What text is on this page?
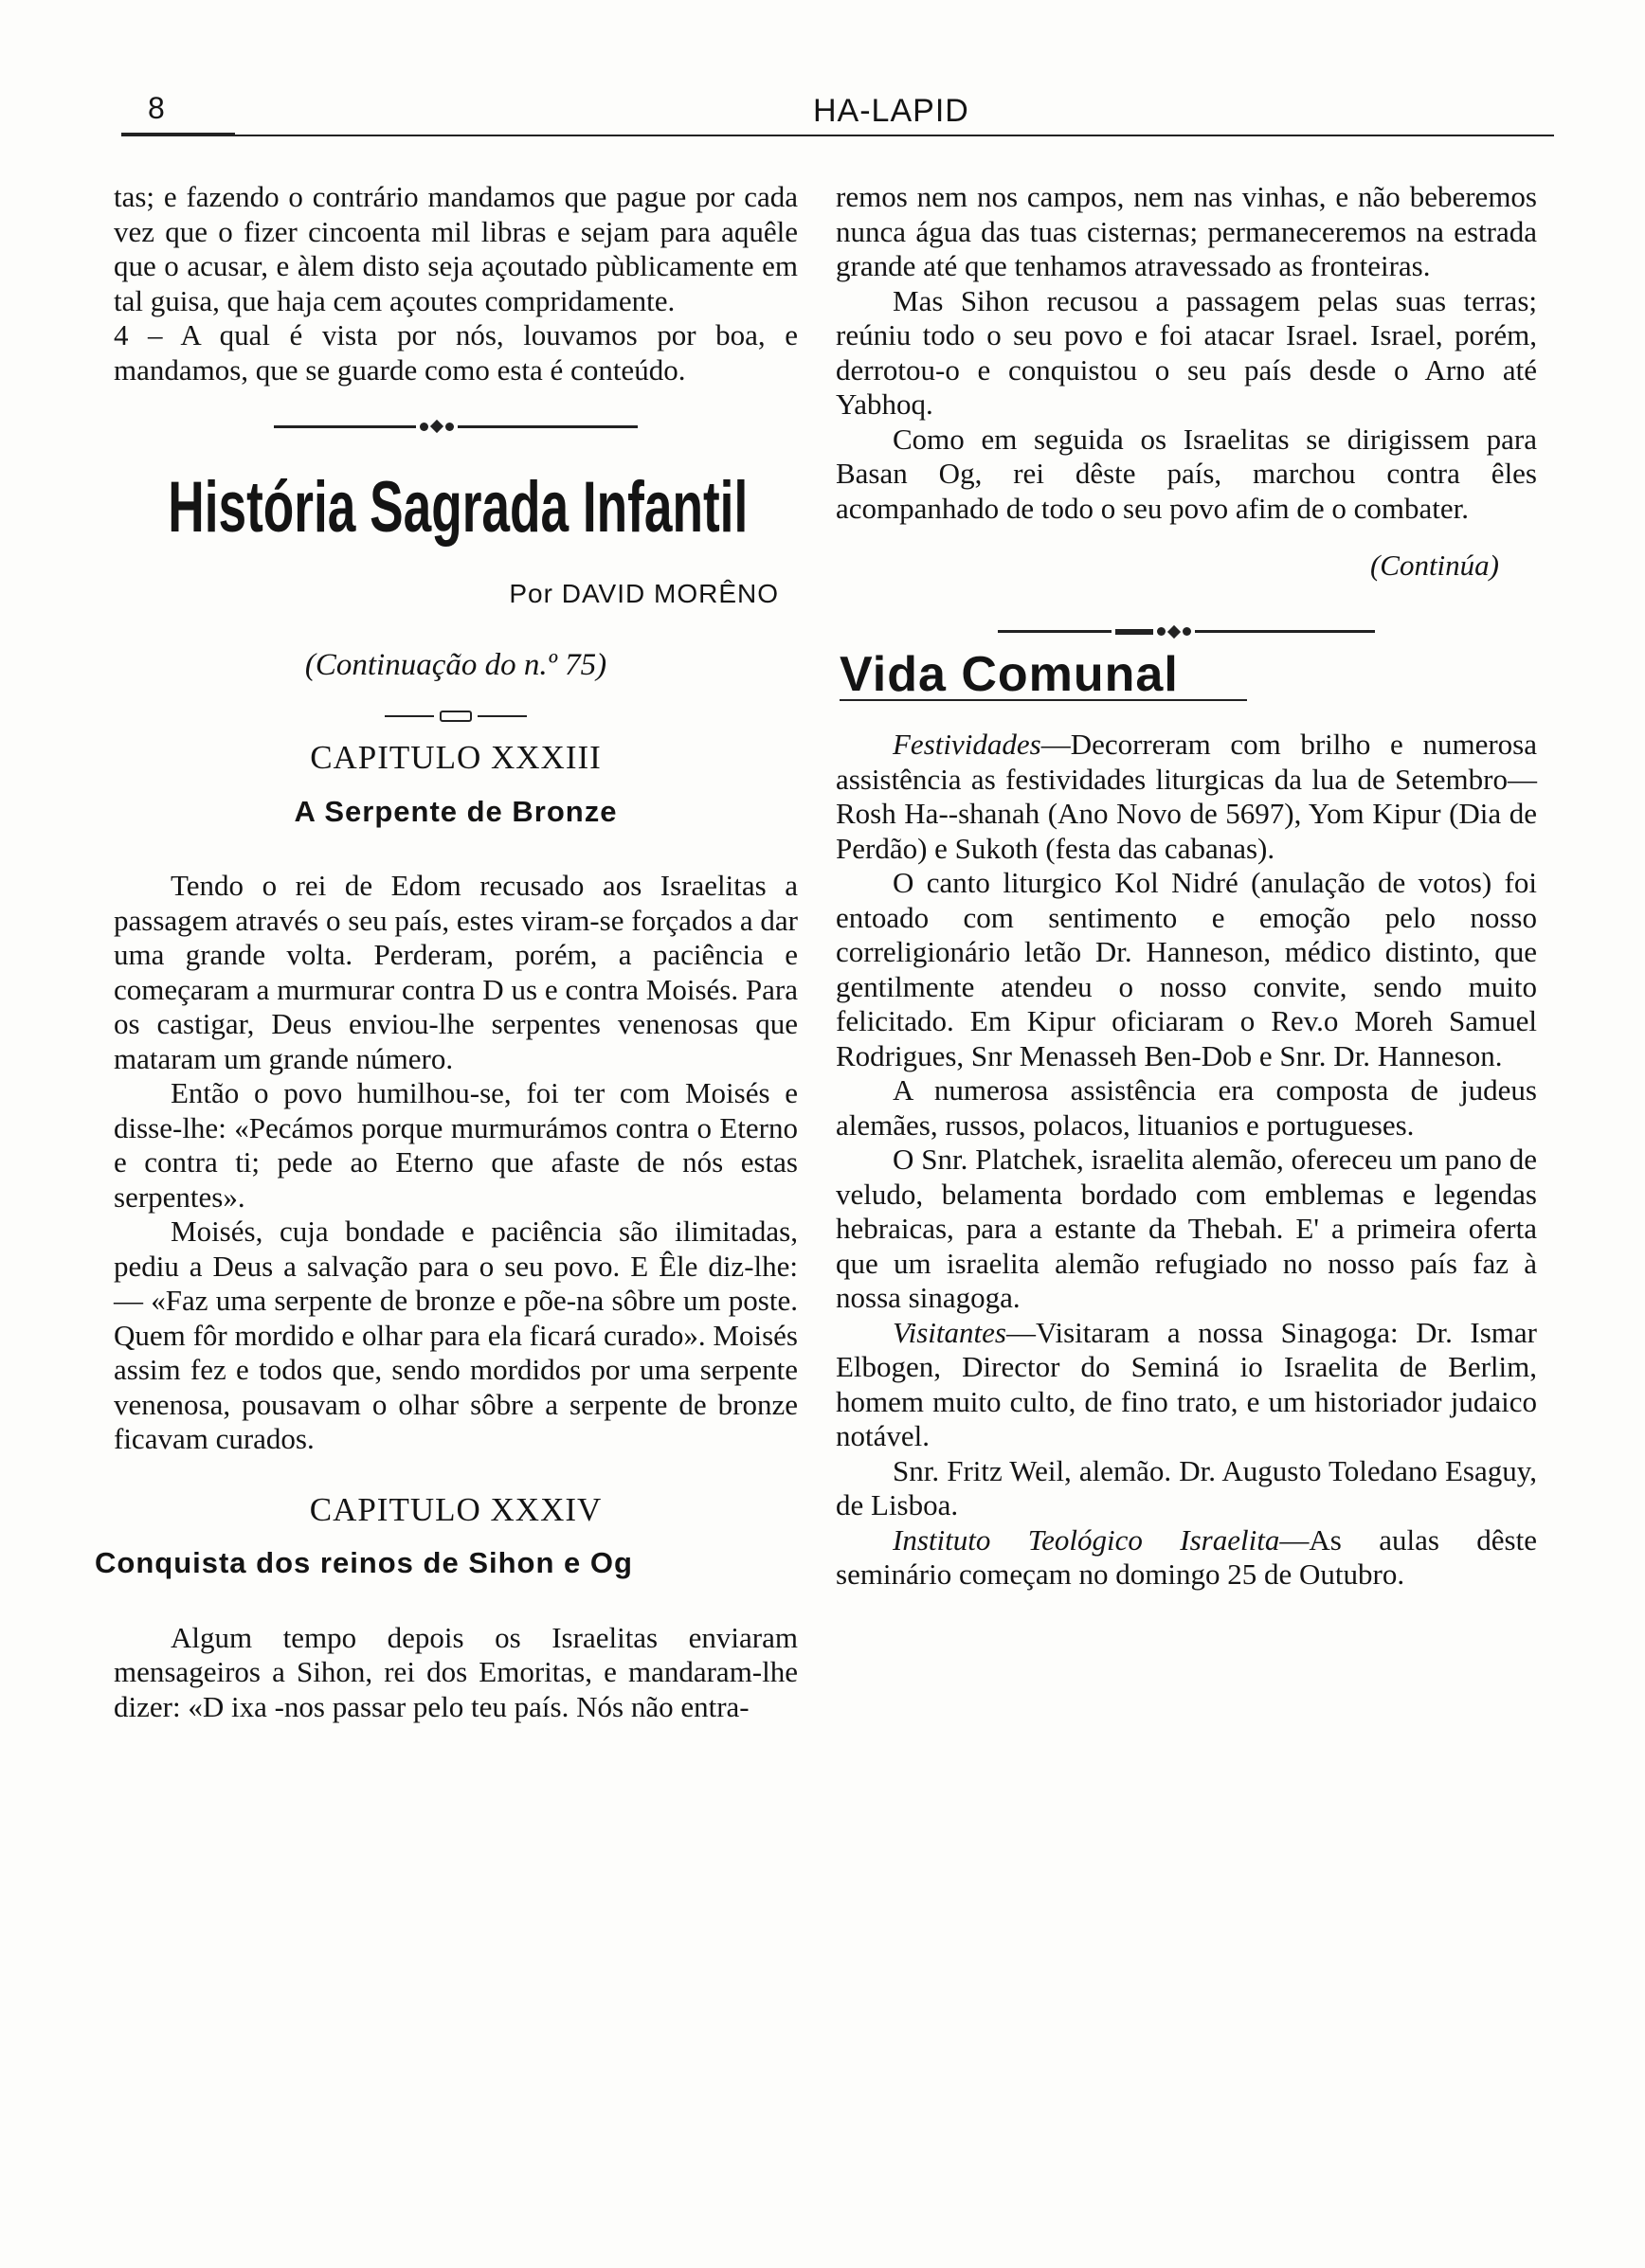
8	HA-LAPID

tas; e fazendo o contrário mandamos que pague por cada vez que o fizer cincoenta mil libras e sejam para aquêle que o acusar, e àlem disto seja açoutado pùblicamente em tal guisa, que haja cem açoutes compridamente.

4 – A qual é vista por nós, louvamos por boa, e mandamos, que se guarde como esta é conteúdo.

História Sagrada Infantil
Por DAVID MORÊNO
(Continuação do n.º 75)
CAPITULO XXXIII
A Serpente de Bronze

Tendo o rei de Edom recusado aos Israelitas a passagem através o seu país, estes viram-se forçados a dar uma grande volta. Perderam, porém, a paciência e começaram a murmurar contra D us e contra Moisés. Para os castigar, Deus enviou-lhe serpentes venenosas que mataram um grande número.

Então o povo humilhou-se, foi ter com Moisés e disse-lhe: «Pecámos porque murmurámos contra o Eterno e contra ti; pede ao Eterno que afaste de nós estas serpentes».

Moisés, cuja bondade e paciência são ilimitadas, pediu a Deus a salvação para o seu povo. E Êle diz-lhe: — «Faz uma serpente de bronze e põe-na sôbre um poste. Quem fôr mordido e olhar para ela ficará curado». Moisés assim fez e todos que, sendo mordidos por uma serpente venenosa, pousavam o olhar sôbre a serpente de bronze ficavam curados.

CAPITULO XXXIV
Conquista dos reinos de Sihon e Og

Algum tempo depois os Israelitas enviaram mensageiros a Sihon, rei dos Emoritas, e mandaram-lhe dizer: «D ixa -nos passar pelo teu país. Nós não entra-

remos nem nos campos, nem nas vinhas, e não beberemos nunca água das tuas cisternas; permaneceremos na estrada grande até que tenhamos atravessado as fronteiras.

Mas Sihon recusou a passagem pelas suas terras; reúniu todo o seu povo e foi atacar Israel. Israel, porém, derrotou-o e conquistou o seu país desde o Arno até Yabhoq.

Como em seguida os Israelitas se dirigissem para Basan Og, rei dêste país, marchou contra êles acompanhado de todo o seu povo afim de o combater.

(Continúa)
Vida Comunal

Festividades—Decorreram com brilho e numerosa assistência as festividades liturgicas da lua de Setembro—Rosh Ha--shanah (Ano Novo de 5697), Yom Kipur (Dia de Perdão) e Sukoth (festa das cabanas).

O canto liturgico Kol Nidré (anulação de votos) foi entoado com sentimento e emoção pelo nosso correligionário letão Dr. Hanneson, médico distinto, que gentilmente atendeu o nosso convite, sendo muito felicitado. Em Kipur oficiaram o Rev.o Moreh Samuel Rodrigues, Snr Menasseh Ben-Dob e Snr. Dr. Hanneson.

A numerosa assistência era composta de judeus alemães, russos, polacos, lituanios e portugueses.

O Snr. Platchek, israelita alemão, ofereceu um pano de veludo, belamenta bordado com emblemas e legendas hebraicas, para a estante da Thebah. E' a primeira oferta que um israelita alemão refugiado no nosso país faz à nossa sinagoga.

Visitantes—Visitaram a nossa Sinagoga: Dr. Ismar Elbogen, Director do Seminá io Israelita de Berlim, homem muito culto, de fino trato, e um historiador judaico notável.

Snr. Fritz Weil, alemão. Dr. Augusto Toledano Esaguy, de Lisboa.

Instituto Teológico Israelita—As aulas dêste seminário começam no domingo 25 de Outubro.
